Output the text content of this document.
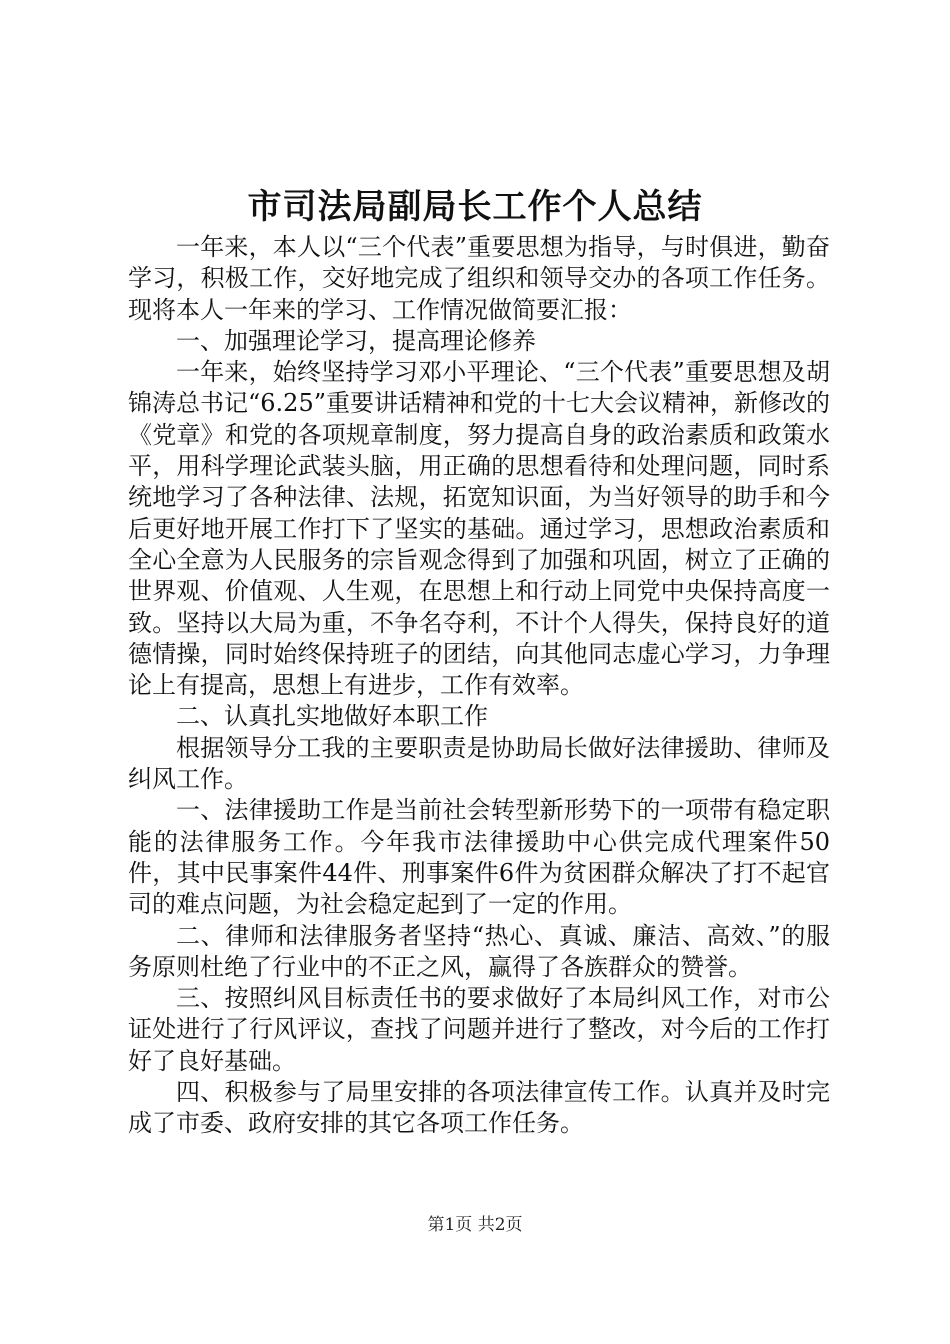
市司法局副局长工作个人总结

一年来，本人以“三个代表”重要思想为指导，与时俱进，勤奋学习，积极工作，交好地完成了组织和领导交办的各项工作任务。现将本人一年来的学习、工作情况做简要汇报：

一、加强理论学习，提高理论修养

一年来，始终坚持学习邓小平理论、“三个代表”重要思想及胡锦涛总书记“6.25”重要讲话精神和党的十七大会议精神，新修改的《党章》和党的各项规章制度，努力提高自身的政治素质和政策水平，用科学理论武装头脑，用正确的思想看待和处理问题，同时系统地学习了各种法律、法规，拓宽知识面，为当好领导的助手和今后更好地开展工作打下了坚实的基础。通过学习，思想政治素质和全心全意为人民服务的宗旨观念得到了加强和巩固，树立了正确的世界观、价值观、人生观，在思想上和行动上同党中央保持高度一致。坚持以大局为重，不争名夺利，不计个人得失，保持良好的道德情操，同时始终保持班子的团结，向其他同志虚心学习，力争理论上有提高，思想上有进步，工作有效率。

二、认真扎实地做好本职工作

根据领导分工我的主要职责是协助局长做好法律援助、律师及纠风工作。

一、法律援助工作是当前社会转型新形势下的一项带有稳定职能的法律服务工作。今年我市法律援助中心供完成代理案件50件，其中民事案件44件、刑事案件6件为贫困群众解决了打不起官司的难点问题，为社会稳定起到了一定的作用。

二、律师和法律服务者坚持“热心、真诚、廉洁、高效、”的服务原则杜绝了行业中的不正之风，赢得了各族群众的赞誉。

三、按照纠风目标责任书的要求做好了本局纠风工作，对市公证处进行了行风评议，查找了问题并进行了整改，对今后的工作打好了良好基础。

四、积极参与了局里安排的各项法律宣传工作。认真并及时完成了市委、政府安排的其它各项工作任务。

第1页 共2页
